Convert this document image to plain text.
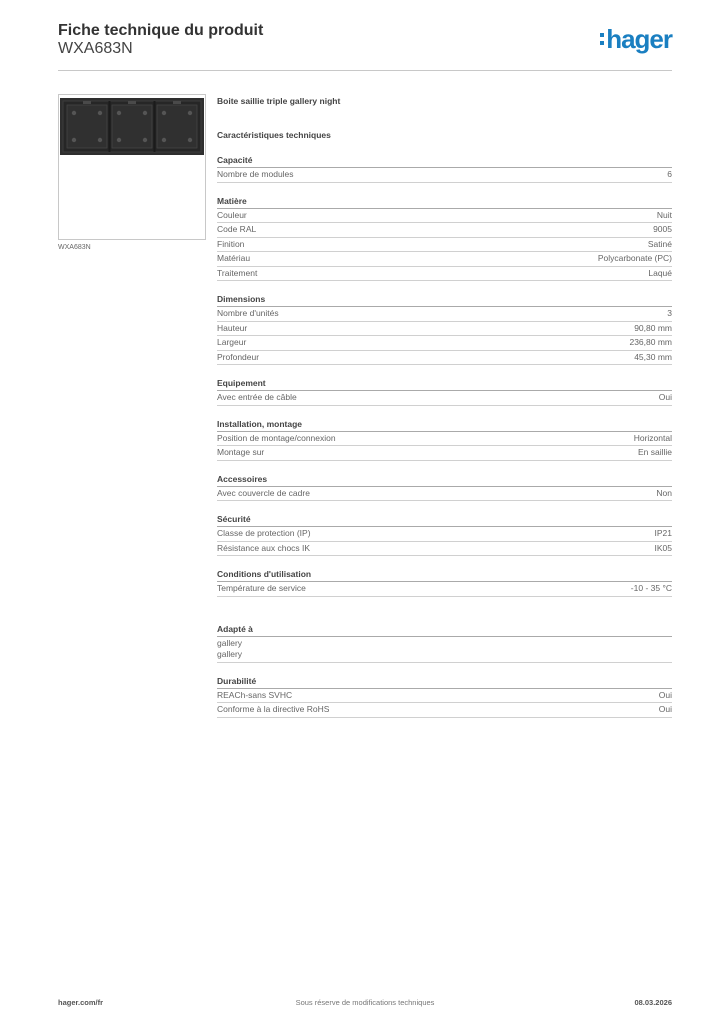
Fiche technique du produit
WXA683N	hager
WXA683N
Boite saillie triple gallery night
Caractéristiques techniques
Capacité
Nombre de modules	6
Matière
Couleur	Nuit
Code RAL	9005
Finition	Satiné
Matériau	Polycarbonate (PC)
Traitement	Laqué
Dimensions
Nombre d'unités	3
Hauteur	90,80 mm
Largeur	236,80 mm
Profondeur	45,30 mm
Equipement
Avec entrée de câble	Oui
Installation, montage
Position de montage/connexion	Horizontal
Montage sur	En saillie
Accessoires
Avec couvercle de cadre	Non
Sécurité
Classe de protection (IP)	IP21
Résistance aux chocs IK	IK05
Conditions d'utilisation
Température de service	-10 - 35 °C
Adapté à
gallery
gallery
Durabilité
REACh-sans SVHC	Oui
Conforme à la directive RoHS	Oui
hager.com/fr	Sous réserve de modifications techniques	08.03.2026
